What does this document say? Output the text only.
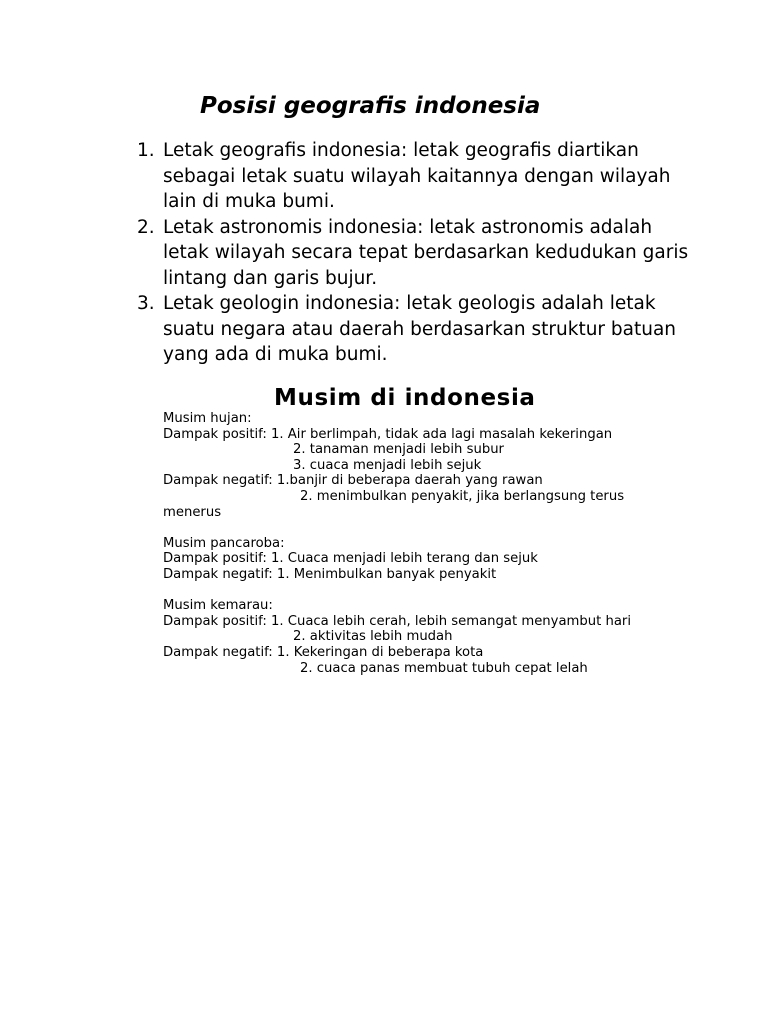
Posisi geografis indonesia
1. Letak geografis indonesia: letak geografis diartikan sebagai letak suatu wilayah kaitannya dengan wilayah lain di muka bumi.
2. Letak astronomis indonesia: letak astronomis adalah letak wilayah secara tepat berdasarkan kedudukan garis lintang dan garis bujur.
3. Letak geologin indonesia: letak geologis adalah letak suatu negara atau daerah berdasarkan struktur batuan yang ada di muka bumi.
Musim di indonesia
Musim hujan:
Dampak positif: 1. Air berlimpah, tidak ada lagi masalah kekeringan
2. tanaman menjadi lebih subur
3. cuaca menjadi lebih sejuk
Dampak negatif: 1.banjir di beberapa daerah yang rawan
2. menimbulkan penyakit, jika berlangsung terus
menerus
Musim pancaroba:
Dampak positif: 1. Cuaca menjadi lebih terang dan sejuk
Dampak negatif: 1. Menimbulkan banyak penyakit
Musim kemarau:
Dampak positif: 1. Cuaca lebih cerah, lebih semangat menyambut hari
2. aktivitas lebih mudah
Dampak negatif: 1. Kekeringan di beberapa kota
2. cuaca panas membuat tubuh cepat lelah
